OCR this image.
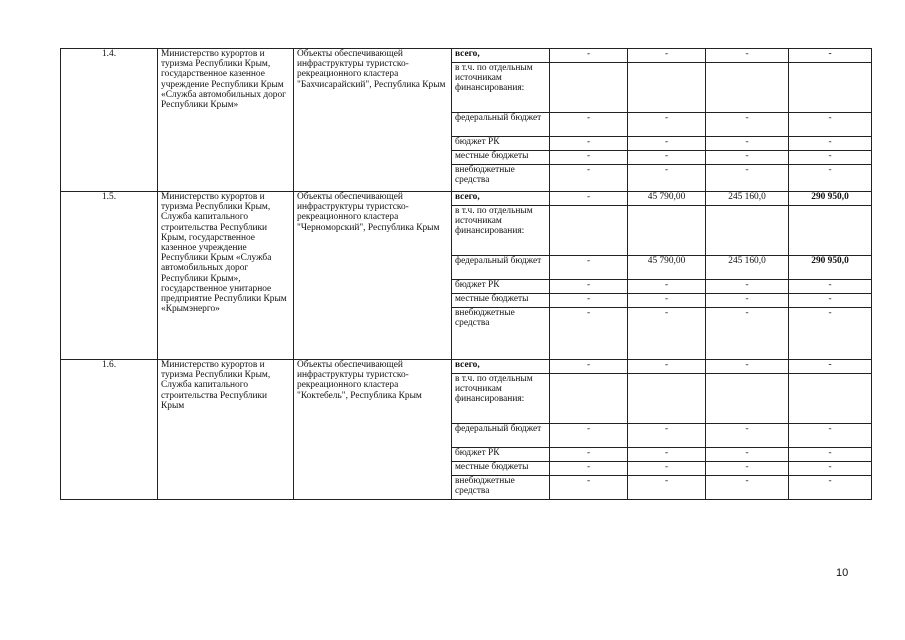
1.4.	Министерство курортов и туризма Республики Крым, государственное казенное учреждение Республики Крым «Служба автомобильных дорог Республики Крым»	Объекты обеспечивающей инфраструктуры туристско-рекреационного кластера "Бахчисарайский", Республика Крым	всего,	-	-	-	-
			в т.ч. по отдельным источникам финансирования:				
			федеральный бюджет	-	-	-	-
			бюджет РК	-	-	-	-
			местные бюджеты	-	-	-	-
			внебюджетные средства	-	-	-	-
1.5.	Министерство курортов и туризма Республики Крым, Служба капитального строительства Республики Крым, государственное казенное учреждение Республики Крым «Служба автомобильных дорог Республики Крым», государственное унитарное предприятие Республики Крым «Крымэнерго»	Объекты обеспечивающей инфраструктуры туристско-рекреационного кластера "Черноморский", Республика Крым	всего,	-	45 790,00	245 160,0	290 950,0
			в т.ч. по отдельным источникам финансирования:				
			федеральный бюджет	-	45 790,00	245 160,0	290 950,0
			бюджет РК	-	-	-	-
			местные бюджеты	-	-	-	-
			внебюджетные средства	-	-	-	-
1.6.	Министерство курортов и туризма Республики Крым, Служба капитального строительства Республики Крым	Объекты обеспечивающей инфраструктуры туристско-рекреационного кластера "Коктебель", Республика Крым	всего,	-	-	-	-
			в т.ч. по отдельным источникам финансирования:				
			федеральный бюджет	-	-	-	-
			бюджет РК	-	-	-	-
			местные бюджеты	-	-	-	-
			внебюджетные средства	-	-	-	-
10
